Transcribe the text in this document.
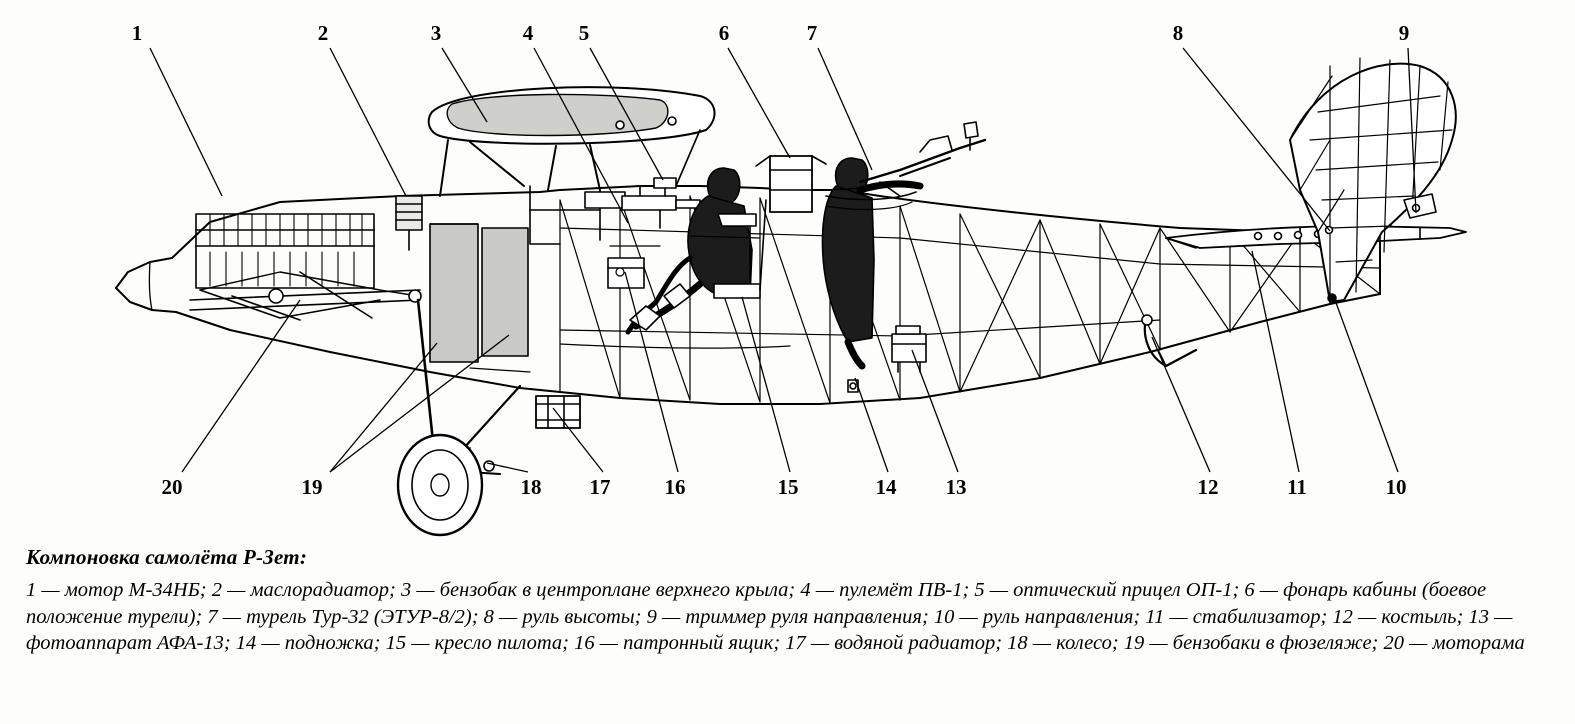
1	2	3	4 5	6	7	8	9
10
11
12
13
14
15
16
17
18
19
20

Компоновка самолёта Р-Зет:

1 — мотор М-34НБ; 2 — маслорадиатор; 3 — бензобак в центроплане верхнего крыла; 4 — пулемёт ПВ-1; 5 — оптический прицел ОП-1; 6 — фонарь кабины (боевое положение турели); 7 — турель Тур-32 (ЭТУР-8/2); 8 — руль высоты; 9 — триммер руля направления; 10 — руль направления; 11 — стабилизатор; 12 — костыль; 13 — фотоаппарат АФА-13; 14 — подножка; 15 — кресло пилота; 16 — патронный ящик; 17 — водяной радиатор; 18 — колесо; 19 — бензобаки в фюзеляже; 20 — моторама
